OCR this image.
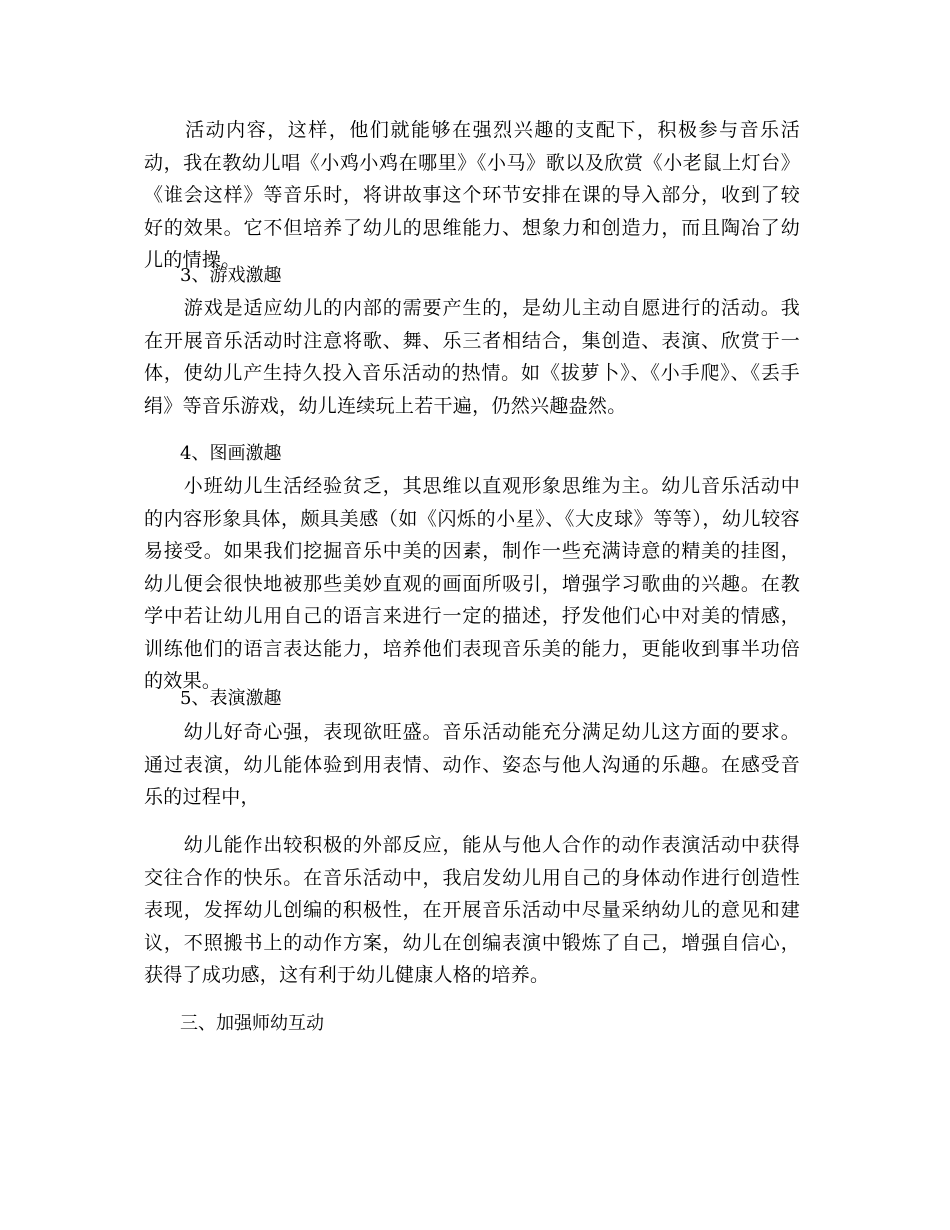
　　活动内容，这样，他们就能够在强烈兴趣的支配下，积极参与音乐活动，我在教幼儿唱《小鸡小鸡在哪里》《小马》歌以及欣赏《小老鼠上灯台》《谁会这样》等音乐时，将讲故事这个环节安排在课的导入部分，收到了较好的效果。它不但培养了幼儿的思维能力、想象力和创造力，而且陶冶了幼儿的情操。

3、游戏激趣

　　游戏是适应幼儿的内部的需要产生的，是幼儿主动自愿进行的活动。我在开展音乐活动时注意将歌、舞、乐三者相结合，集创造、表演、欣赏于一体，使幼儿产生持久投入音乐活动的热情。如《拔萝卜》、《小手爬》、《丢手绢》等音乐游戏，幼儿连续玩上若干遍，仍然兴趣盎然。

4、图画激趣

　　小班幼儿生活经验贫乏，其思维以直观形象思维为主。幼儿音乐活动中的内容形象具体，颇具美感（如《闪烁的小星》、《大皮球》等等），幼儿较容易接受。如果我们挖掘音乐中美的因素，制作一些充满诗意的精美的挂图，幼儿便会很快地被那些美妙直观的画面所吸引，增强学习歌曲的兴趣。在教学中若让幼儿用自己的语言来进行一定的描述，抒发他们心中对美的情感，训练他们的语言表达能力，培养他们表现音乐美的能力，更能收到事半功倍的效果。

5、表演激趣

　　幼儿好奇心强，表现欲旺盛。音乐活动能充分满足幼儿这方面的要求。通过表演，幼儿能体验到用表情、动作、姿态与他人沟通的乐趣。在感受音乐的过程中，

　　幼儿能作出较积极的外部反应，能从与他人合作的动作表演活动中获得交往合作的快乐。在音乐活动中，我启发幼儿用自己的身体动作进行创造性表现，发挥幼儿创编的积极性，在开展音乐活动中尽量采纳幼儿的意见和建议，不照搬书上的动作方案，幼儿在创编表演中锻炼了自己，增强自信心，获得了成功感，这有利于幼儿健康人格的培养。

三、加强师幼互动
